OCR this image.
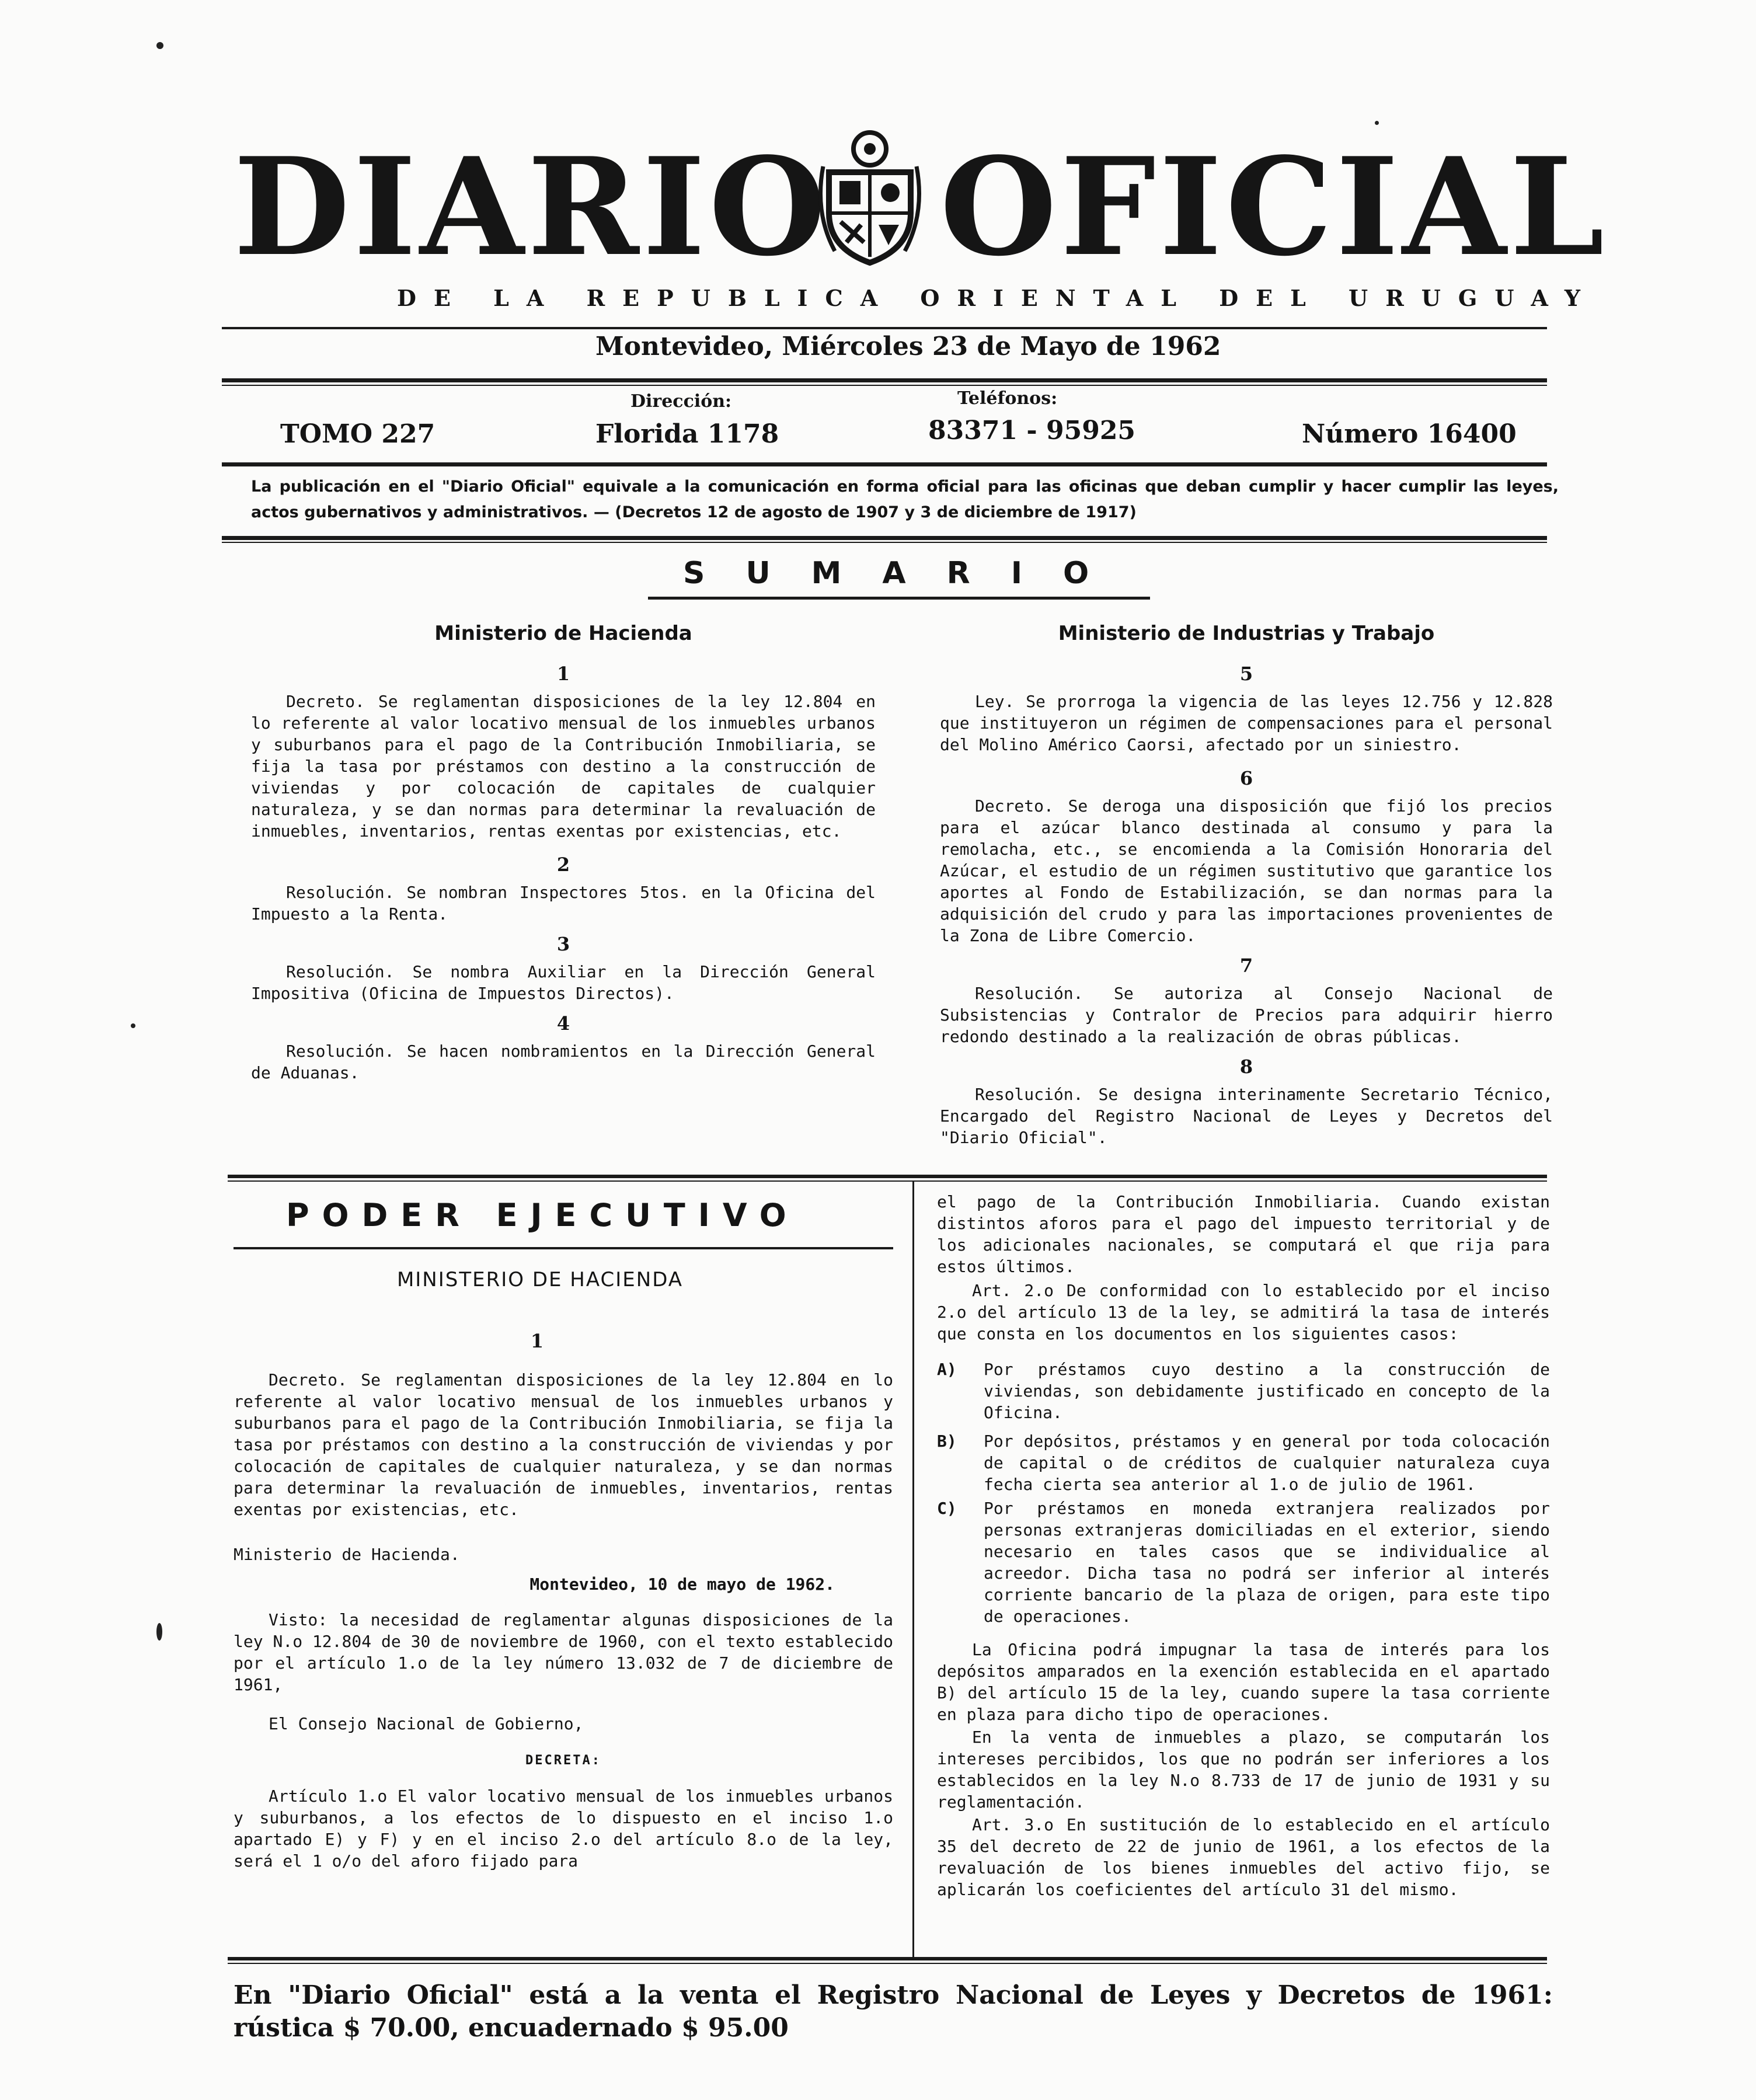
DIARIO OFICIAL
DE LA REPUBLICA ORIENTAL DEL URUGUAY
Montevideo, Miércoles 23 de Mayo de 1962
Dirección:	Teléfonos:
TOMO 227	Florida 1178	83371 - 95925	Número 16400
La publicación en el "Diario Oficial" equivale a la comunicación en forma oficial para las oficinas que deban cumplir y hacer cumplir las leyes, actos gubernativos y administrativos. — (Decretos 12 de agosto de 1907 y 3 de diciembre de 1917)
SUMARIO
Ministerio de Hacienda
1
Decreto. Se reglamentan disposiciones de la ley 12.804 en lo referente al valor locativo mensual de los inmuebles urbanos y suburbanos para el pago de la Contribución Inmobiliaria, se fija la tasa por préstamos con destino a la construcción de viviendas y por colocación de capitales de cualquier naturaleza, y se dan normas para determinar la revaluación de inmuebles, inventarios, rentas exentas por existencias, etc.
2
Resolución. Se nombran Inspectores 5tos. en la Oficina del Impuesto a la Renta.
3
Resolución. Se nombra Auxiliar en la Dirección General Impositiva (Oficina de Impuestos Directos).
4
Resolución. Se hacen nombramientos en la Dirección General de Aduanas.
Ministerio de Industrias y Trabajo
5
Ley. Se prorroga la vigencia de las leyes 12.756 y 12.828 que instituyeron un régimen de compensaciones para el personal del Molino Américo Caorsi, afectado por un siniestro.
6
Decreto. Se deroga una disposición que fijó los precios para el azúcar blanco destinada al consumo y para la remolacha, etc., se encomienda a la Comisión Honoraria del Azúcar, el estudio de un régimen sustitutivo que garantice los aportes al Fondo de Estabilización, se dan normas para la adquisición del crudo y para las importaciones provenientes de la Zona de Libre Comercio.
7
Resolución. Se autoriza al Consejo Nacional de Subsistencias y Contralor de Precios para adquirir hierro redondo destinado a la realización de obras públicas.
8
Resolución. Se designa interinamente Secretario Técnico, Encargado del Registro Nacional de Leyes y Decretos del "Diario Oficial".
PODER EJECUTIVO
MINISTERIO DE HACIENDA
1
Decreto. Se reglamentan disposiciones de la ley 12.804 en lo referente al valor locativo mensual de los inmuebles urbanos y suburbanos para el pago de la Contribución Inmobiliaria, se fija la tasa por préstamos con destino a la construcción de viviendas y por colocación de capitales de cualquier naturaleza, y se dan normas para determinar la revaluación de inmuebles, inventarios, rentas exentas por existencias, etc.
Ministerio de Hacienda.
Montevideo, 10 de mayo de 1962.
Visto: la necesidad de reglamentar algunas disposiciones de la ley N.o 12.804 de 30 de noviembre de 1960, con el texto establecido por el artículo 1.o de la ley número 13.032 de 7 de diciembre de 1961,
El Consejo Nacional de Gobierno,
DECRETA:
Artículo 1.o El valor locativo mensual de los inmuebles urbanos y suburbanos, a los efectos de lo dispuesto en el inciso 1.o apartado E) y F) y en el inciso 2.o del artículo 8.o de la ley, será el 1 o/o del aforo fijado para
el pago de la Contribución Inmobiliaria. Cuando existan distintos aforos para el pago del impuesto territorial y de los adicionales nacionales, se computará el que rija para estos últimos.
Art. 2.o De conformidad con lo establecido por el inciso 2.o del artículo 13 de la ley, se admitirá la tasa de interés que consta en los documentos en los siguientes casos:
A)	Por préstamos cuyo destino a la construcción de viviendas, son debidamente justificado en concepto de la Oficina.
B)	Por depósitos, préstamos y en general por toda colocación de capital o de créditos de cualquier naturaleza cuya fecha cierta sea anterior al 1.o de julio de 1961.
C)	Por préstamos en moneda extranjera realizados por personas extranjeras domiciliadas en el exterior, siendo necesario en tales casos que se individualice al acreedor. Dicha tasa no podrá ser inferior al interés corriente bancario de la plaza de origen, para este tipo de operaciones.
La Oficina podrá impugnar la tasa de interés para los depósitos amparados en la exención establecida en el apartado B) del artículo 15 de la ley, cuando supere la tasa corriente en plaza para dicho tipo de operaciones.
En la venta de inmuebles a plazo, se computarán los intereses percibidos, los que no podrán ser inferiores a los establecidos en la ley N.o 8.733 de 17 de junio de 1931 y su reglamentación.
Art. 3.o En sustitución de lo establecido en el artículo 35 del decreto de 22 de junio de 1961, a los efectos de la revaluación de los bienes inmuebles del activo fijo, se aplicarán los coeficientes del artículo 31 del mismo.
En "Diario Oficial" está a la venta el Registro Nacional de Leyes y Decretos de 1961: rústica $ 70.00, encuadernado $ 95.00
